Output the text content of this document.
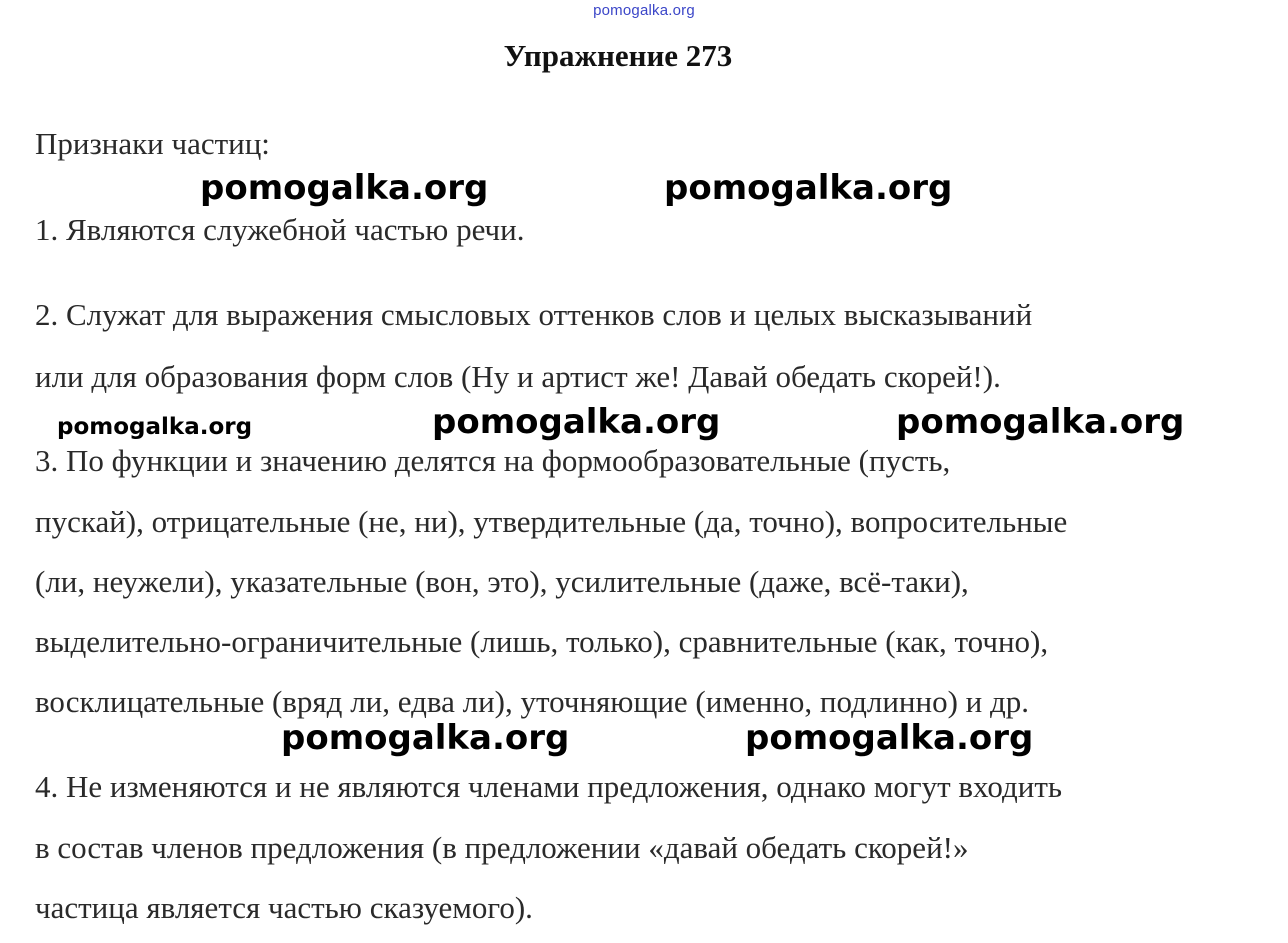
pomogalka.org
Упражнение 273
Признаки частиц:
1. Являются служебной частью речи.
2. Служат для выражения смысловых оттенков слов и целых высказываний
или для образования форм слов (Ну и артист же! Давай обедать скорей!).
3. По функции и значению делятся на формообразовательные (пусть,
пускай), отрицательные (не, ни), утвердительные (да, точно), вопросительные
(ли, неужели), указательные (вон, это), усилительные (даже, всё-таки),
выделительно-ограничительные (лишь, только), сравнительные (как, точно),
восклицательные (вряд ли, едва ли), уточняющие (именно, подлинно) и др.
4. Не изменяются и не являются членами предложения, однако могут входить
в состав членов предложения (в предложении «давай обедать скорей!»
частица является частью сказуемого).
pomogalka.org	pomogalka.org
pomogalka.org	pomogalka.org	pomogalka.org
pomogalka.org	pomogalka.org
